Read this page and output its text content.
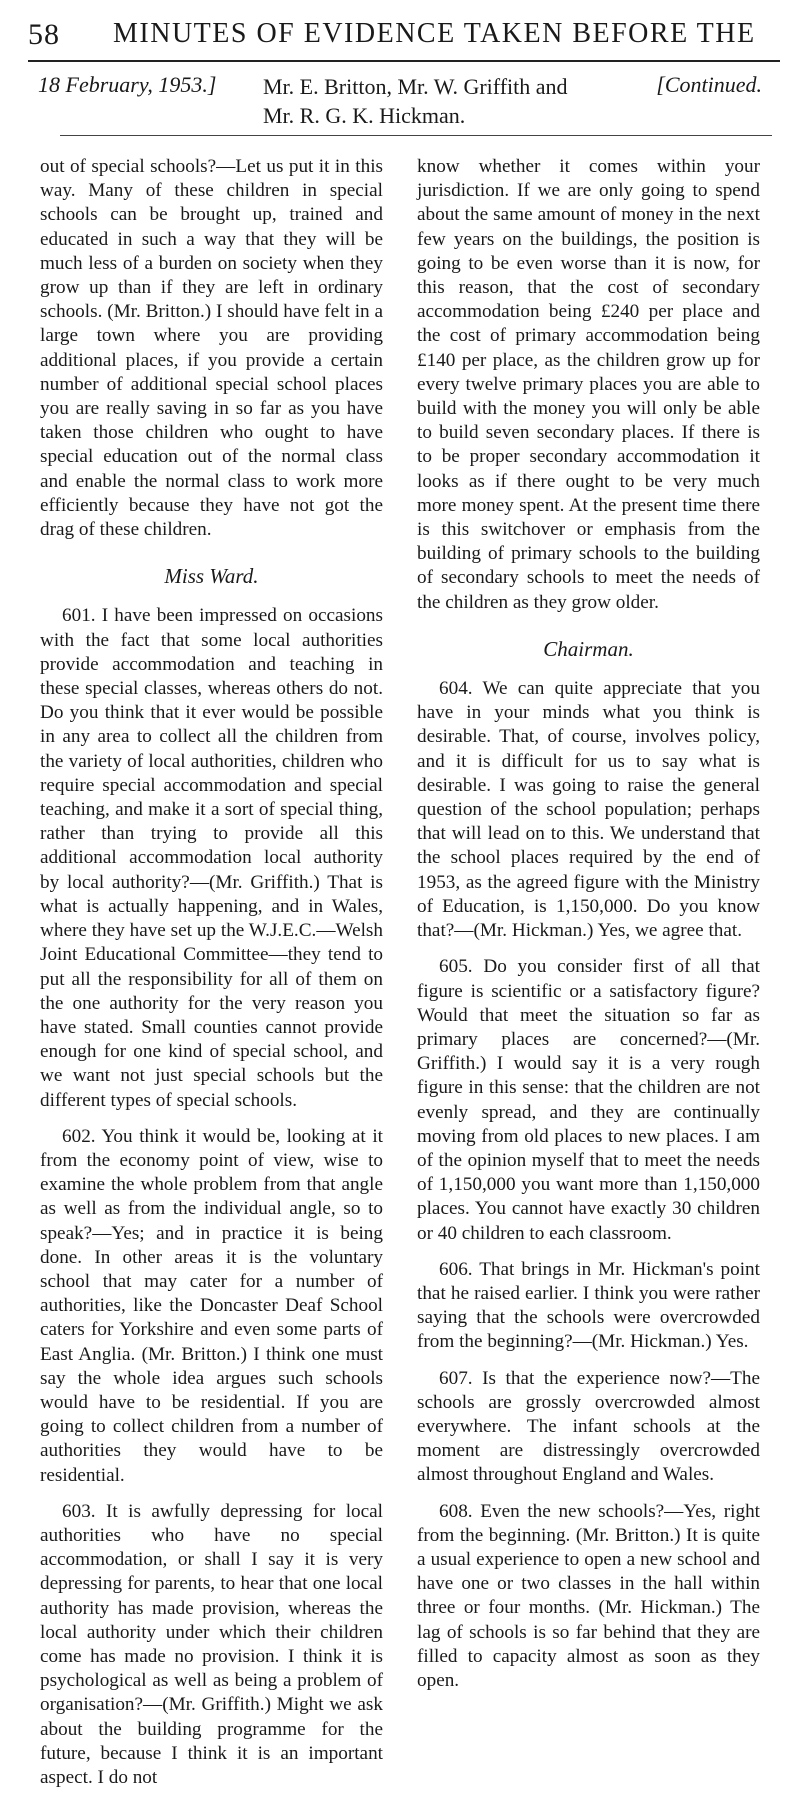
58 MINUTES OF EVIDENCE TAKEN BEFORE THE
18 February, 1953.] Mr. E. Britton, Mr. W. Griffith and
Mr. R. G. K. Hickman.
[Continued.

out of special schools?—Let us put it in this way. Many of these children in special schools can be brought up, trained and educated in such a way that they will be much less of a burden on society when they grow up than if they are left in ordinary schools. (Mr. Britton.) I should have felt in a large town where you are providing additional places, if you provide a certain number of additional special school places you are really saving in so far as you have taken those children who ought to have special education out of the normal class and enable the normal class to work more efficiently because they have not got the drag of these children.

Miss Ward.

601. I have been impressed on occasions with the fact that some local authorities provide accommodation and teaching in these special classes, whereas others do not. Do you think that it ever would be possible in any area to collect all the children from the variety of local authorities, children who require special accommodation and special teaching, and make it a sort of special thing, rather than trying to provide all this additional accommodation local authority by local authority?—(Mr. Griffith.) That is what is actually happening, and in Wales, where they have set up the W.J.E.C.—Welsh Joint Educational Committee—they tend to put all the responsibility for all of them on the one authority for the very reason you have stated. Small counties cannot provide enough for one kind of special school, and we want not just special schools but the different types of special schools.

602. You think it would be, looking at it from the economy point of view, wise to examine the whole problem from that angle as well as from the individual angle, so to speak?—Yes; and in practice it is being done. In other areas it is the voluntary school that may cater for a number of authorities, like the Doncaster Deaf School caters for Yorkshire and even some parts of East Anglia. (Mr. Britton.) I think one must say the whole idea argues such schools would have to be residential. If you are going to collect children from a number of authorities they would have to be residential.

603. It is awfully depressing for local authorities who have no special accommodation, or shall I say it is very depressing for parents, to hear that one local authority has made provision, whereas the local authority under which their children come has made no provision. I think it is psychological as well as being a problem of organisation?—(Mr. Griffith.) Might we ask about the building programme for the future, because I think it is an important aspect. I do not

know whether it comes within your jurisdiction. If we are only going to spend about the same amount of money in the next few years on the buildings, the position is going to be even worse than it is now, for this reason, that the cost of secondary accommodation being £240 per place and the cost of primary accommodation being £140 per place, as the children grow up for every twelve primary places you are able to build with the money you will only be able to build seven secondary places. If there is to be proper secondary accommodation it looks as if there ought to be very much more money spent. At the present time there is this switchover or emphasis from the building of primary schools to the building of secondary schools to meet the needs of the children as they grow older.

Chairman.

604. We can quite appreciate that you have in your minds what you think is desirable. That, of course, involves policy, and it is difficult for us to say what is desirable. I was going to raise the general question of the school population; perhaps that will lead on to this. We understand that the school places required by the end of 1953, as the agreed figure with the Ministry of Education, is 1,150,000. Do you know that?—(Mr. Hickman.) Yes, we agree that.

605. Do you consider first of all that figure is scientific or a satisfactory figure? Would that meet the situation so far as primary places are concerned?—(Mr. Griffith.) I would say it is a very rough figure in this sense: that the children are not evenly spread, and they are continually moving from old places to new places. I am of the opinion myself that to meet the needs of 1,150,000 you want more than 1,150,000 places. You cannot have exactly 30 children or 40 children to each classroom.

606. That brings in Mr. Hickman's point that he raised earlier. I think you were rather saying that the schools were overcrowded from the beginning?—(Mr. Hickman.) Yes.

607. Is that the experience now?—The schools are grossly overcrowded almost everywhere. The infant schools at the moment are distressingly overcrowded almost throughout England and Wales.

608. Even the new schools?—Yes, right from the beginning. (Mr. Britton.) It is quite a usual experience to open a new school and have one or two classes in the hall within three or four months. (Mr. Hickman.) The lag of schools is so far behind that they are filled to capacity almost as soon as they open.
